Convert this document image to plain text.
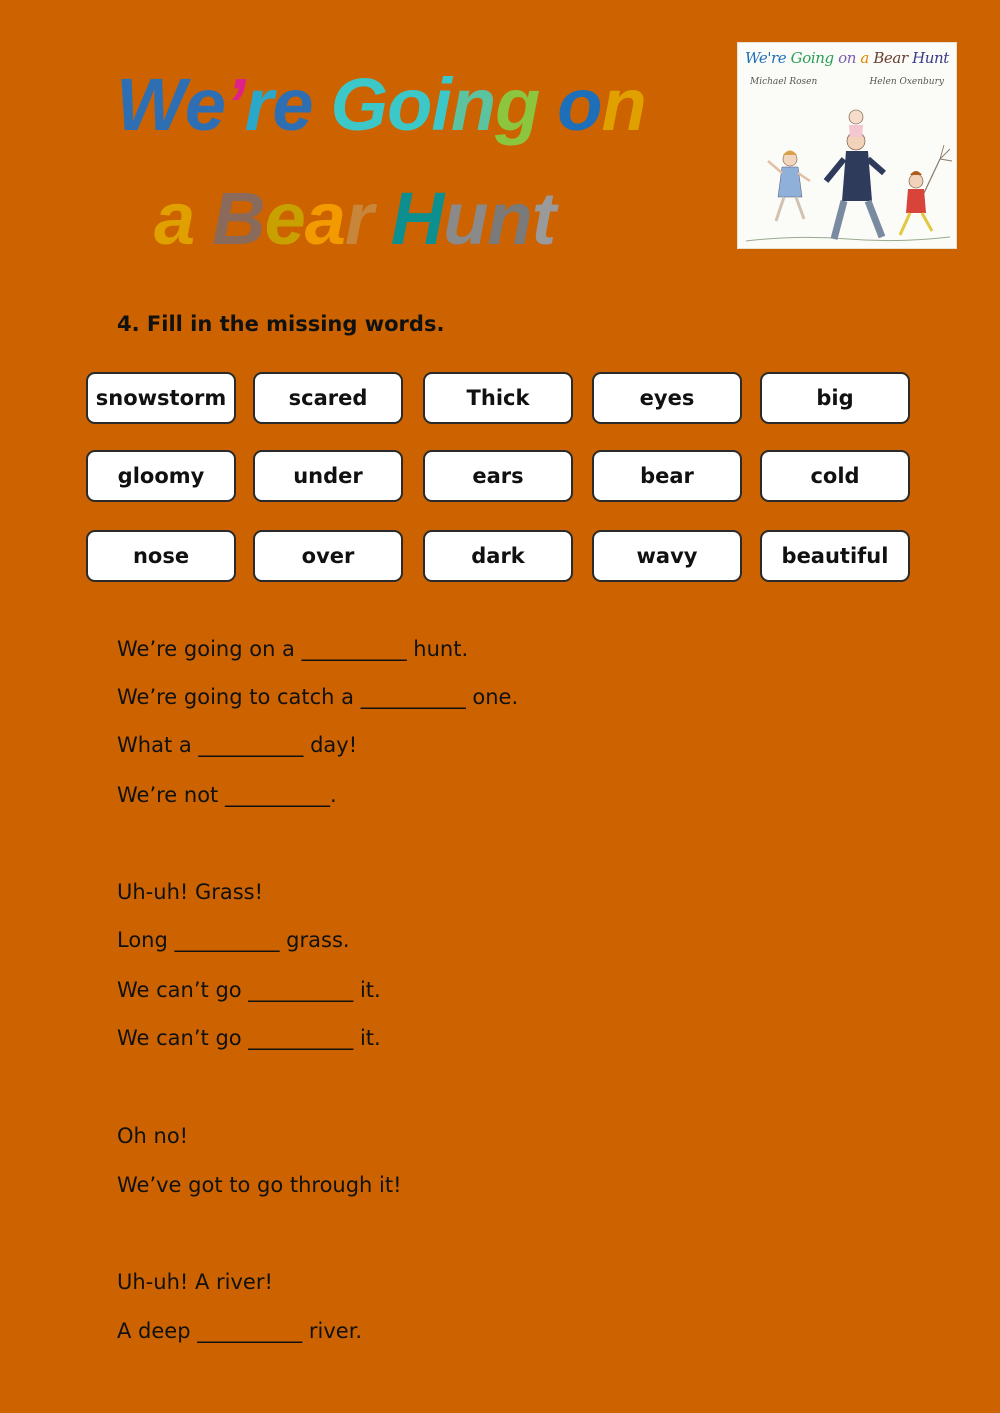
We’re Going on
a Bear Hunt
We're Going on a Bear Hunt
Michael Rosen	Helen Oxenbury
4. Fill in the missing words.
snowstorm	scared	Thick	eyes	big
gloomy	under	ears	bear	cold
nose	over	dark	wavy	beautiful
We’re going on a __________ hunt.
We’re going to catch a __________ one.
What a __________ day!
We’re not __________.
Uh-uh! Grass!
Long __________ grass.
We can’t go __________ it.
We can’t go __________ it.
Oh no!
We’ve got to go through it!
Uh-uh! A river!
A deep __________ river.
